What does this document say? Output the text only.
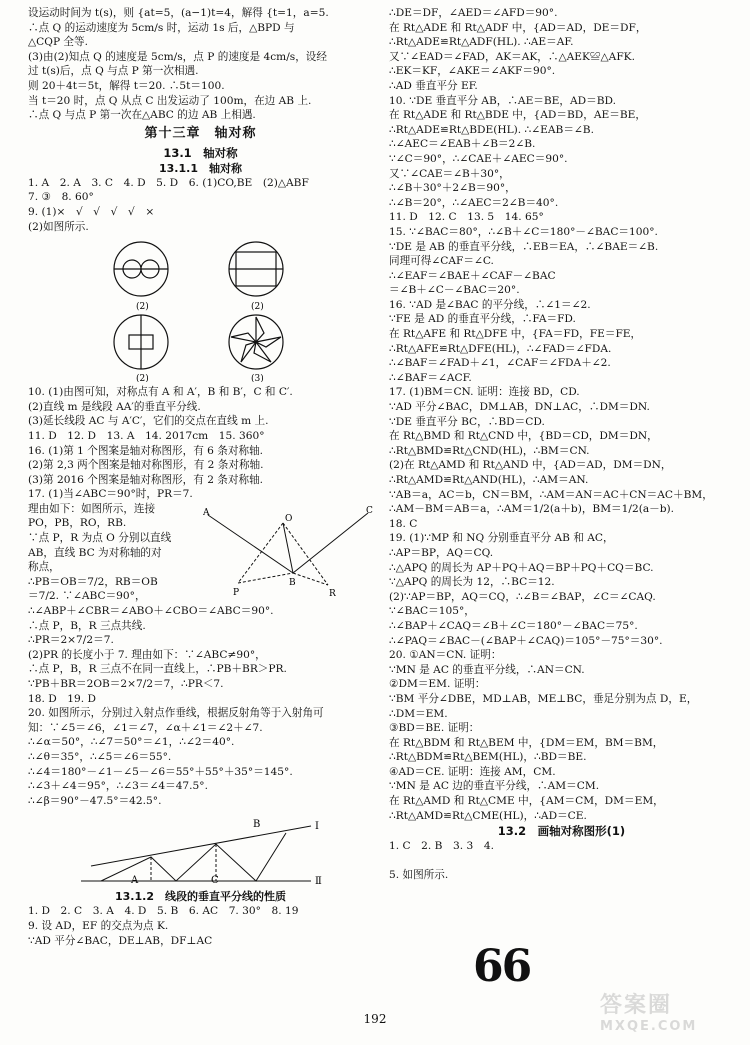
设运动时间为 t(s)，则 {at=5，(a−1)t=4，解得 {t=1，a=5.
∴点 Q 的运动速度为 5cm/s 时，运动 1s 后，△BPD 与
△CQP 全等.
(3)由(2)知点 Q 的速度是 5cm/s，点 P 的速度是 4cm/s，设经
过 t(s)后，点 Q 与点 P 第一次相遇.
则 20＋4t＝5t，解得 t＝20. ∴5t＝100.
当 t＝20 时，点 Q 从点 C 出发运动了 100m，在边 AB 上.
∴点 Q 与点 P 第一次在△ABC 的边 AB 上相遇.
第十三章　轴对称
13.1　轴对称
13.1.1　轴对称
1. A　2. A　3. C　4. D　5. D　6. (1)CO,BE　(2)△ABF
7. ③　8. 60°
9. (1)×　√　√　√　√　×
(2)如图所示.
(2)	(2)
(2)	(3)
10. (1)由图可知，对称点有 A 和 A′，B 和 B′，C 和 C′.
(2)直线 m 是线段 AA′的垂直平分线.
(3)延长线段 AC 与 A′C′，它们的交点在直线 m 上.
11. D　12. D　13. A　14. 2017cm　15. 360°
16. (1)第 1 个图案是轴对称图形，有 6 条对称轴.
(2)第 2,3 两个图案是轴对称图形，有 2 条对称轴.
(3)第 2016 个图案是轴对称图形，有 2 条对称轴.
17. (1)当∠ABC＝90°时，PR＝7.
理由如下：如图所示，连接
PO，PB，RO，RB.
∵点 P，R 为点 O 分别以直线
AB，直线 BC 为对称轴的对
称点，
∴PB＝OB＝7/2，RB＝OB
＝7/2. ∵∠ABC＝90°，
∴∠ABP＋∠CBR＝∠ABO＋∠CBO＝∠ABC＝90°.
∴点 P，B，R 三点共线.
∴PR＝2×7/2＝7.
(2)PR 的长度小于 7. 理由如下：∵∠ABC≠90°，
∴点 P，B，R 三点不在同一直线上，∴PB＋BR＞PR.
∵PB＋BR＝2OB＝2×7/2＝7，∴PR＜7.
18. D　19. D
20. 如图所示，分别过入射点作垂线，根据反射角等于入射角可
知：∵∠5＝∠6，∠1＝∠7，∠α＋∠1＝∠2＋∠7.
∴∠α＝50°，∴∠7＝50°＝∠1，∴∠2＝40°.
∴∠θ＝35°，∴∠5＝∠6＝55°.
∴∠4＝180°－∠1－∠5－∠6＝55°＋55°＋35°＝145°.
∴∠3＋∠4＝95°，∴∠3＝∠4＝47.5°.
∴∠β＝90°－47.5°＝42.5°.
A	C
O
P
B
R
B
A	C
Ⅰ
Ⅱ
13.1.2　线段的垂直平分线的性质
1. D　2. C　3. A　4. D　5. B　6. AC　7. 30°　8. 19
9. 设 AD，EF 的交点为点 K.
∵AD 平分∠BAC，DE⊥AB，DF⊥AC
∴DE＝DF，∠AED＝∠AFD＝90°.
在 Rt△ADE 和 Rt△ADF 中，{AD＝AD，DE＝DF，
∴Rt△ADE≌Rt△ADF(HL). ∴AE＝AF.
又∵∠EAD＝∠FAD，AK＝AK，∴△AEK≌△AFK.
∴EK＝KF，∠AKE＝∠AKF＝90°.
∴AD 垂直平分 EF.
10. ∵DE 垂直平分 AB，∴AE＝BE，AD＝BD.
在 Rt△ADE 和 Rt△BDE 中，{AD＝BD，AE＝BE，
∴Rt△ADE≌Rt△BDE(HL). ∴∠EAB＝∠B.
∴∠AEC＝∠EAB＋∠B＝2∠B.
∵∠C＝90°，∴∠CAE＋∠AEC＝90°.
又∵∠CAE＝∠B＋30°，
∴∠B＋30°＋2∠B＝90°，
∴∠B＝20°，∴∠AEC＝2∠B＝40°.
11. D　12. C　13. 5　14. 65°
15. ∵∠BAC＝80°，∴∠B＋∠C＝180°－∠BAC＝100°.
∵DE 是 AB 的垂直平分线，∴EB＝EA，∴∠BAE＝∠B.
同理可得∠CAF＝∠C.
∴∠EAF＝∠BAE＋∠CAF－∠BAC
＝∠B＋∠C－∠BAC＝20°.
16. ∵AD 是∠BAC 的平分线，∴∠1＝∠2.
∵FE 是 AD 的垂直平分线，∴FA＝FD.
在 Rt△AFE 和 Rt△DFE 中，{FA＝FD，FE＝FE，
∴Rt△AFE≌Rt△DFE(HL)，∴∠FAD＝∠FDA.
∴∠BAF＝∠FAD＋∠1，∠CAF＝∠FDA＋∠2.
∴∠BAF＝∠ACF.
17. (1)BM＝CN. 证明：连接 BD，CD.
∵AD 平分∠BAC，DM⊥AB，DN⊥AC，∴DM＝DN.
∵DE 垂直平分 BC，∴BD＝CD.
在 Rt△BMD 和 Rt△CND 中，{BD＝CD，DM＝DN，
∴Rt△BMD≌Rt△CND(HL)，∴BM＝CN.
(2)在 Rt△AMD 和 Rt△AND 中，{AD＝AD，DM＝DN，
∴Rt△AMD≌Rt△AND(HL)，∴AM＝AN.
∵AB＝a，AC＝b，CN＝BM，∴AM＝AN＝AC＋CN＝AC＋BM，
∴AM－BM＝AB＝a，∴AM＝1/2(a＋b)，BM＝1/2(a－b).
18. C
19. (1)∵MP 和 NQ 分别垂直平分 AB 和 AC，
∴AP＝BP，AQ＝CQ.
∴△APQ 的周长为 AP＋PQ＋AQ＝BP＋PQ＋CQ＝BC.
∵△APQ 的周长为 12，∴BC＝12.
(2)∵AP＝BP，AQ＝CQ，∴∠B＝∠BAP，∠C＝∠CAQ.
∵∠BAC＝105°，
∴∠BAP＋∠CAQ＝∠B＋∠C＝180°－∠BAC＝75°.
∴∠PAQ＝∠BAC－(∠BAP＋∠CAQ)＝105°－75°＝30°.
20. ①AN＝CN. 证明：
∵MN 是 AC 的垂直平分线，∴AN＝CN.
②DM＝EM. 证明：
∵BM 平分∠DBE，MD⊥AB，ME⊥BC，垂足分别为点 D，E，
∴DM＝EM.
③BD＝BE. 证明：
在 Rt△BDM 和 Rt△BEM 中，{DM＝EM，BM＝BM，
∴Rt△BDM≌Rt△BEM(HL)，∴BD＝BE.
④AD＝CE. 证明：连接 AM，CM.
∵MN 是 AC 边的垂直平分线，∴AM＝CM.
在 Rt△AMD 和 Rt△CME 中，{AM＝CM，DM＝EM，
∴Rt△AMD≌Rt△CME(HL)，∴AD＝CE.
13.2　画轴对称图形(1)
1. C　2. B　3. 3　4.
5. 如图所示.
66
192
答案圈
MXQE.COM
